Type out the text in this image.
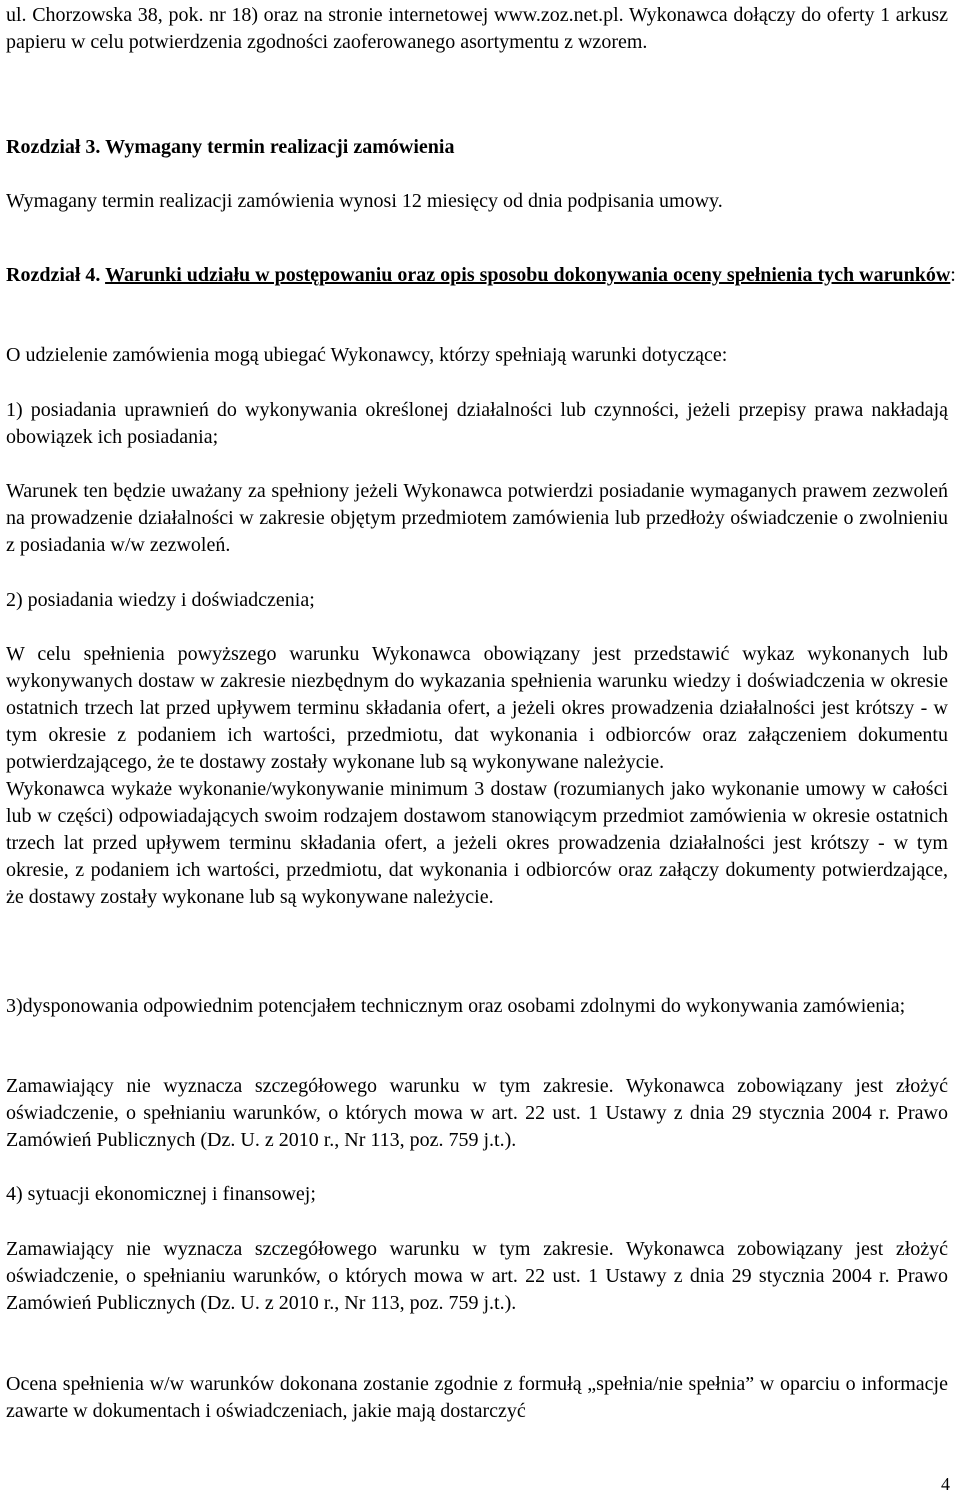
ul. Chorzowska 38, pok. nr 18) oraz na stronie internetowej www.zoz.net.pl. Wykonawca dołączy do oferty 1 arkusz papieru w celu potwierdzenia zgodności zaoferowanego asortymentu z wzorem.

Rozdział 3. Wymagany termin realizacji zamówienia

Wymagany termin realizacji zamówienia wynosi 12 miesięcy od dnia podpisania umowy.

Rozdział 4. Warunki udziału w postępowaniu oraz opis sposobu dokonywania oceny spełnienia tych warunków:

O udzielenie zamówienia mogą ubiegać Wykonawcy, którzy spełniają warunki dotyczące:

1) posiadania uprawnień do wykonywania określonej działalności lub czynności, jeżeli przepisy prawa nakładają obowiązek ich posiadania;

Warunek ten będzie uważany za spełniony jeżeli Wykonawca potwierdzi posiadanie wymaganych prawem zezwoleń na prowadzenie działalności w zakresie objętym przedmiotem zamówienia lub przedłoży oświadczenie o zwolnieniu z posiadania w/w zezwoleń.

2) posiadania wiedzy i doświadczenia;

W celu spełnienia powyższego warunku Wykonawca obowiązany jest przedstawić wykaz wykonanych lub wykonywanych dostaw w zakresie niezbędnym do wykazania spełnienia warunku wiedzy i doświadczenia w okresie ostatnich trzech lat przed upływem terminu składania ofert, a jeżeli okres prowadzenia działalności jest krótszy - w tym okresie z podaniem ich wartości, przedmiotu, dat wykonania i odbiorców oraz załączeniem dokumentu potwierdzającego, że te dostawy zostały wykonane lub są wykonywane należycie.

Wykonawca wykaże wykonanie/wykonywanie minimum 3 dostaw (rozumianych jako wykonanie umowy w całości lub w części) odpowiadających swoim rodzajem dostawom stanowiącym przedmiot zamówienia w okresie ostatnich trzech lat przed upływem terminu składania ofert, a jeżeli okres prowadzenia działalności jest krótszy - w tym okresie, z podaniem ich wartości, przedmiotu, dat wykonania i odbiorców oraz załączy dokumenty potwierdzające, że dostawy zostały wykonane lub są wykonywane należycie.

3)dysponowania odpowiednim potencjałem technicznym oraz osobami zdolnymi do wykonywania zamówienia;

Zamawiający nie wyznacza szczegółowego warunku w tym zakresie. Wykonawca zobowiązany jest złożyć oświadczenie, o spełnianiu warunków, o których mowa w art. 22 ust. 1 Ustawy z dnia 29 stycznia 2004 r. Prawo Zamówień Publicznych (Dz. U. z 2010 r., Nr 113, poz. 759 j.t.).

4) sytuacji ekonomicznej i finansowej;

Zamawiający nie wyznacza szczegółowego warunku w tym zakresie. Wykonawca zobowiązany jest złożyć oświadczenie, o spełnianiu warunków, o których mowa w art. 22 ust. 1 Ustawy z dnia 29 stycznia 2004 r. Prawo Zamówień Publicznych (Dz. U. z 2010 r., Nr 113, poz. 759 j.t.).

Ocena spełnienia w/w warunków dokonana zostanie zgodnie z formułą „spełnia/nie spełnia” w oparciu o informacje zawarte w dokumentach i oświadczeniach, jakie mają dostarczyć

4
